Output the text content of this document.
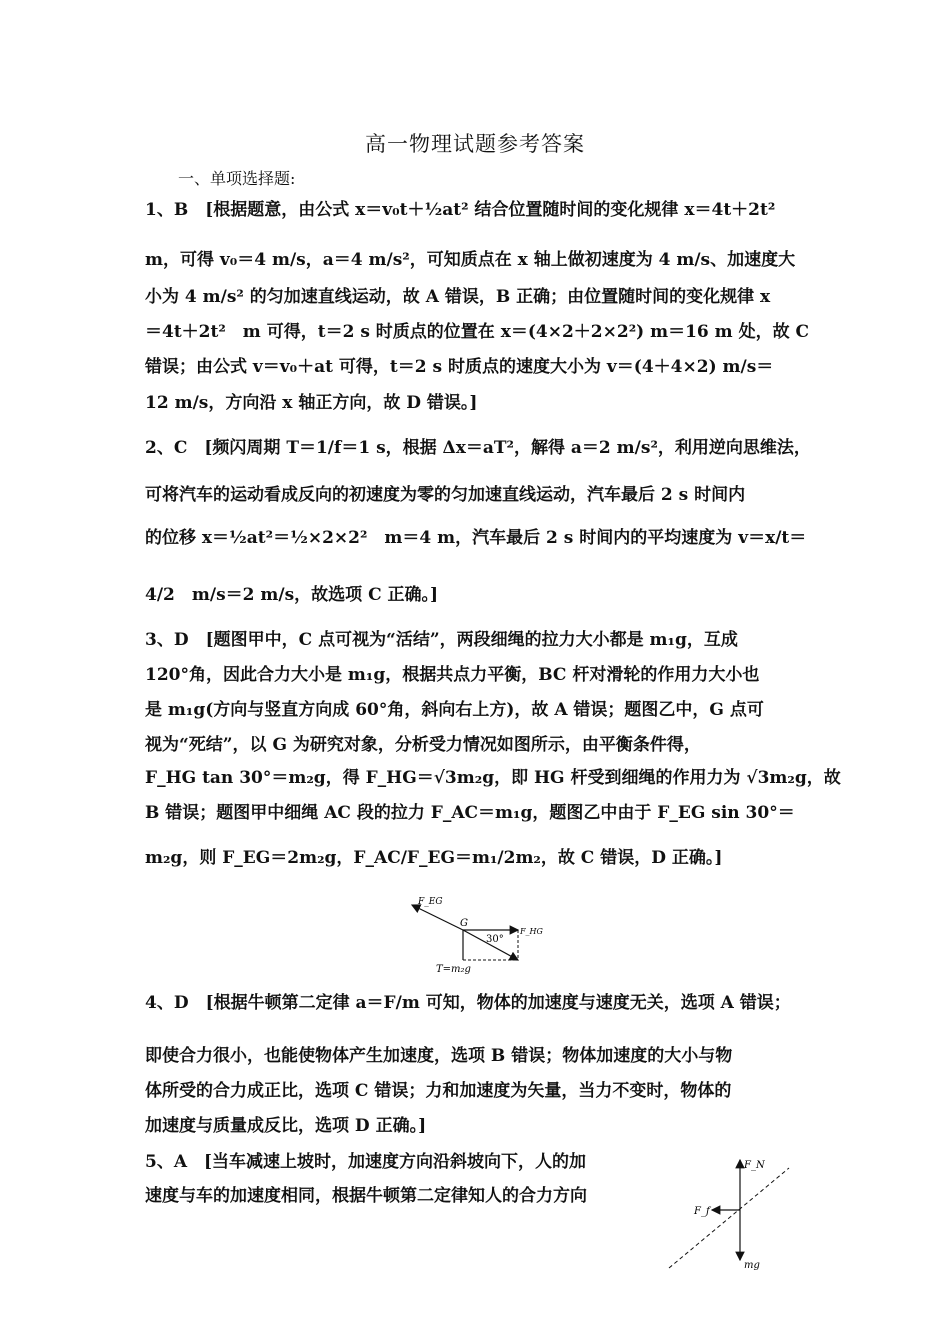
高一物理试题参考答案
一、单项选择题:
1、B　[根据题意，由公式 x＝v₀t＋½at² 结合位置随时间的变化规律 x＝4t＋2t²
m，可得 v₀＝4 m/s，a＝4 m/s²，可知质点在 x 轴上做初速度为 4 m/s、加速度大
小为 4 m/s² 的匀加速直线运动，故 A 错误，B 正确；由位置随时间的变化规律 x
＝4t＋2t²　m 可得，t＝2 s 时质点的位置在 x＝(4×2＋2×2²) m＝16 m 处，故 C
错误；由公式 v＝v₀＋at 可得，t＝2 s 时质点的速度大小为 v＝(4＋4×2) m/s＝
12 m/s，方向沿 x 轴正方向，故 D 错误。]
2、C　[频闪周期 T＝1/f＝1 s，根据 Δx＝aT²，解得 a＝2 m/s²，利用逆向思维法，
可将汽车的运动看成反向的初速度为零的匀加速直线运动，汽车最后 2 s 时间内
的位移 x＝½at²＝½×2×2²　m＝4 m，汽车最后 2 s 时间内的平均速度为 v＝x/t＝
4/2　m/s＝2 m/s，故选项 C 正确。]
3、D　[题图甲中，C 点可视为“活结”，两段细绳的拉力大小都是 m₁g，互成
120°角，因此合力大小是 m₁g，根据共点力平衡，BC 杆对滑轮的作用力大小也
是 m₁g(方向与竖直方向成 60°角，斜向右上方)，故 A 错误；题图乙中，G 点可
视为“死结”，以 G 为研究对象，分析受力情况如图所示，由平衡条件得，
F_HG tan 30°＝m₂g，得 F_HG＝√3m₂g，即 HG 杆受到细绳的作用力为 √3m₂g，故
B 错误；题图甲中细绳 AC 段的拉力 F_AC＝m₁g，题图乙中由于 F_EG sin 30°＝
m₂g，则 F_EG＝2m₂g，F_AC/F_EG＝m₁/2m₂，故 C 错误，D 正确。]
F_EG
G
F_HG
30°
T=m₂g
4、D　[根据牛顿第二定律 a＝F/m 可知，物体的加速度与速度无关，选项 A 错误；
即使合力很小，也能使物体产生加速度，选项 B 错误；物体加速度的大小与物
体所受的合力成正比，选项 C 错误；力和加速度为矢量，当力不变时，物体的
加速度与质量成反比，选项 D 正确。]
5、A　[当车减速上坡时，加速度方向沿斜坡向下，人的加
速度与车的加速度相同，根据牛顿第二定律知人的合力方向
F_N
F_f
mg
